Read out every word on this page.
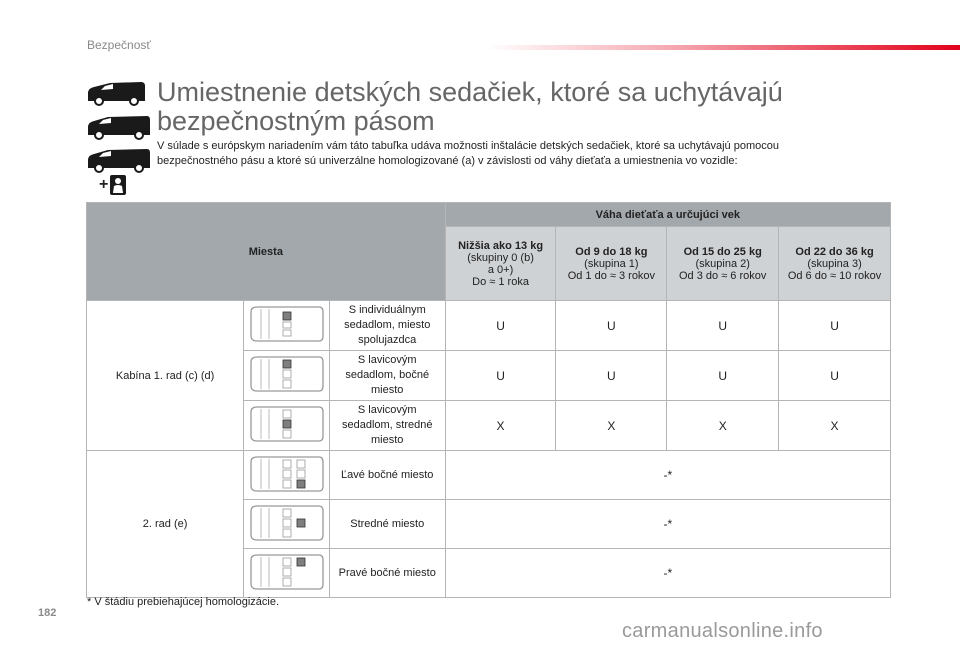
Bezpečnosť
+
Umiestnenie detských sedačiek, ktoré sa uchytávajú bezpečnostným pásom

V súlade s európskym nariadením vám táto tabuľka udáva možnosti inštalácie detských sedačiek, ktoré sa uchytávajú pomocou bezpečnostného pásu a ktoré sú univerzálne homologizované (a) v závislosti od váhy dieťaťa a umiestnenia vo vozidle:

Miesta			Váha dieťaťa a určujúci vek			

			Nižšia ako 13 kg
(skupiny 0 (b)
a 0+)
Do ≈ 1 roka	Od 9 do 18 kg
(skupina 1)
Od 1 do ≈ 3 rokov	Od 15 do 25 kg
(skupina 2)
Od 3 do ≈ 6 rokov	Od 22 do 36 kg
(skupina 3)
Od 6 do ≈ 10 rokov

Kabína 1. rad (c) (d)		S individuálnym sedadlom, miesto spolujazdca	U	U	U	U
	S lavicovým sedadlom, bočné miesto	U	U	U	U
	S lavicovým sedadlom, stredné miesto	X	X	X	X
2. rad (e)		Ľavé bočné miesto	-*			
	Stredné miesto	-*			
	Pravé bočné miesto	-*			
* V štádiu prebiehajúcej homologizácie.
182
carmanualsonline.info
